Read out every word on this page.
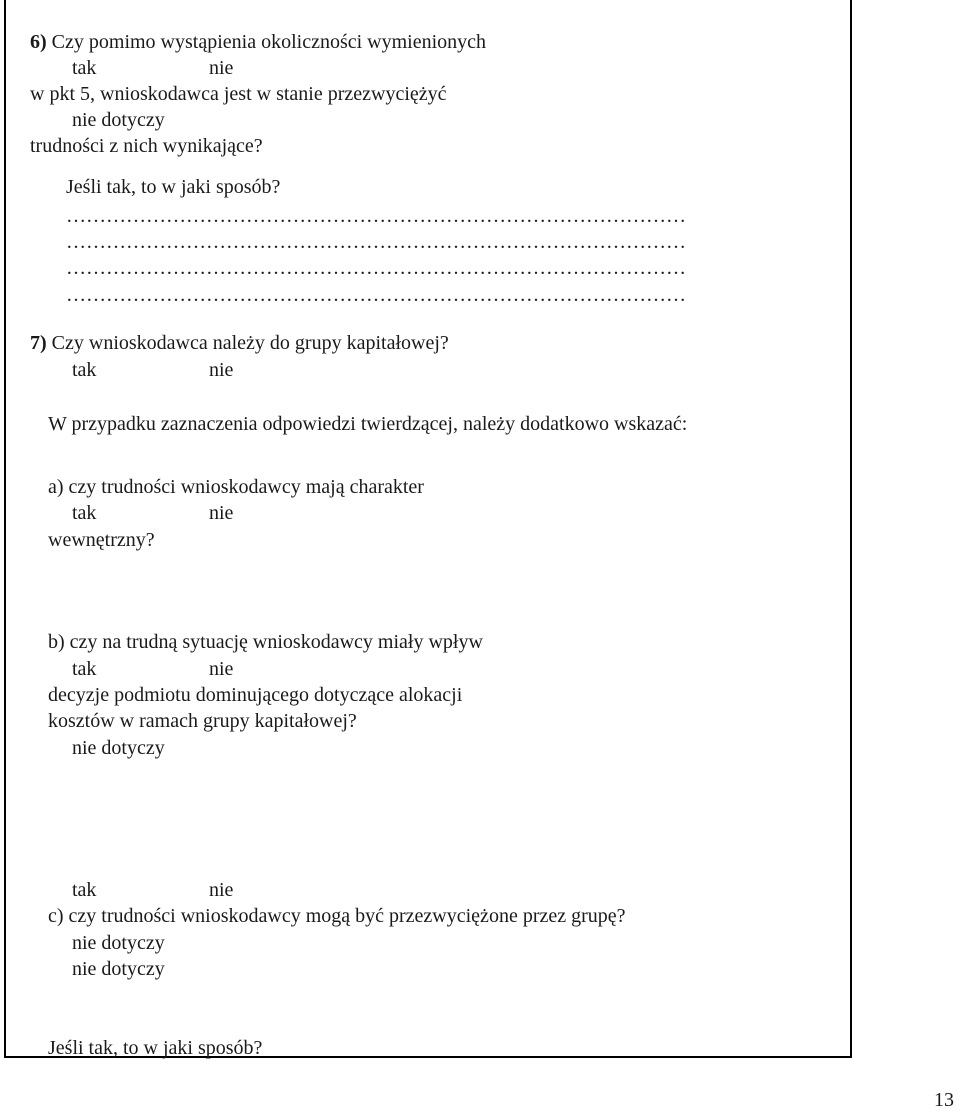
6) Czy pomimo wystąpienia okoliczności wymienionych
tak	nie
w pkt 5, wnioskodawca jest w stanie przezwyciężyć
nie dotyczy
trudności z nich wynikające?
Jeśli tak, to w jaki sposób?
…………………………………………………………………………………
…………………………………………………………………………………
…………………………………………………………………………………
…………………………………………………………………………………
7) Czy wnioskodawca należy do grupy kapitałowej?
tak	nie
W przypadku zaznaczenia odpowiedzi twierdzącej, należy dodatkowo wskazać:
a) czy trudności wnioskodawcy mają charakter
tak	nie
wewnętrzny?
b) czy na trudną sytuację wnioskodawcy miały wpływ
tak	nie
decyzje podmiotu dominującego dotyczące alokacji
kosztów w ramach grupy kapitałowej?
nie dotyczy
tak	nie
c) czy trudności wnioskodawcy mogą być przezwyciężone przez grupę?
nie dotyczy
nie dotyczy
Jeśli tak, to w jaki sposób?
13
